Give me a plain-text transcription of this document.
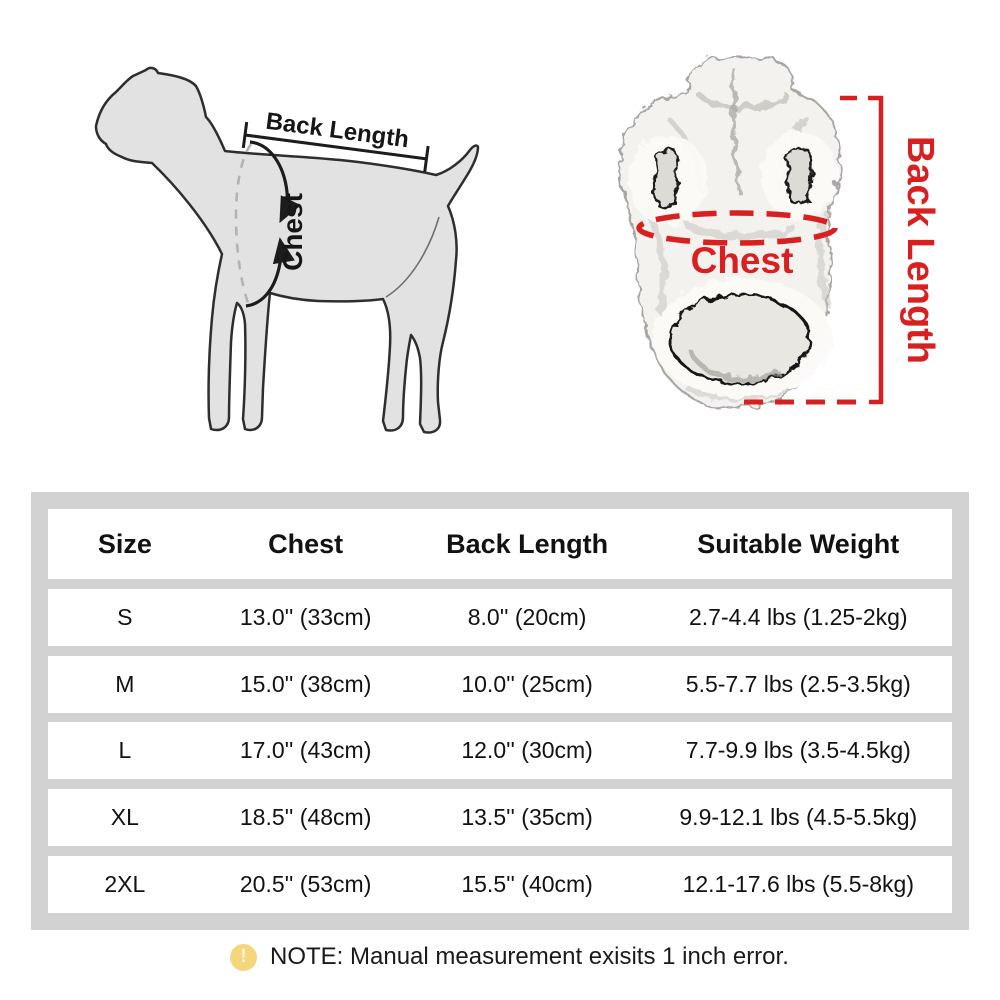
Chest
Back Length
Chest	Back Length
Size	Chest	Back Length	Suitable Weight
S	13.0'' (33cm)	8.0'' (20cm)	2.7-4.4 lbs (1.25-2kg)
M	15.0'' (38cm)	10.0'' (25cm)	5.5-7.7 lbs (2.5-3.5kg)
L	17.0'' (43cm)	12.0'' (30cm)	7.7-9.9 lbs (3.5-4.5kg)
XL	18.5'' (48cm)	13.5'' (35cm)	9.9-12.1 lbs (4.5-5.5kg)
2XL	20.5'' (53cm)	15.5'' (40cm)	12.1-17.6 lbs (5.5-8kg)
! NOTE: Manual measurement exisits 1 inch error.
